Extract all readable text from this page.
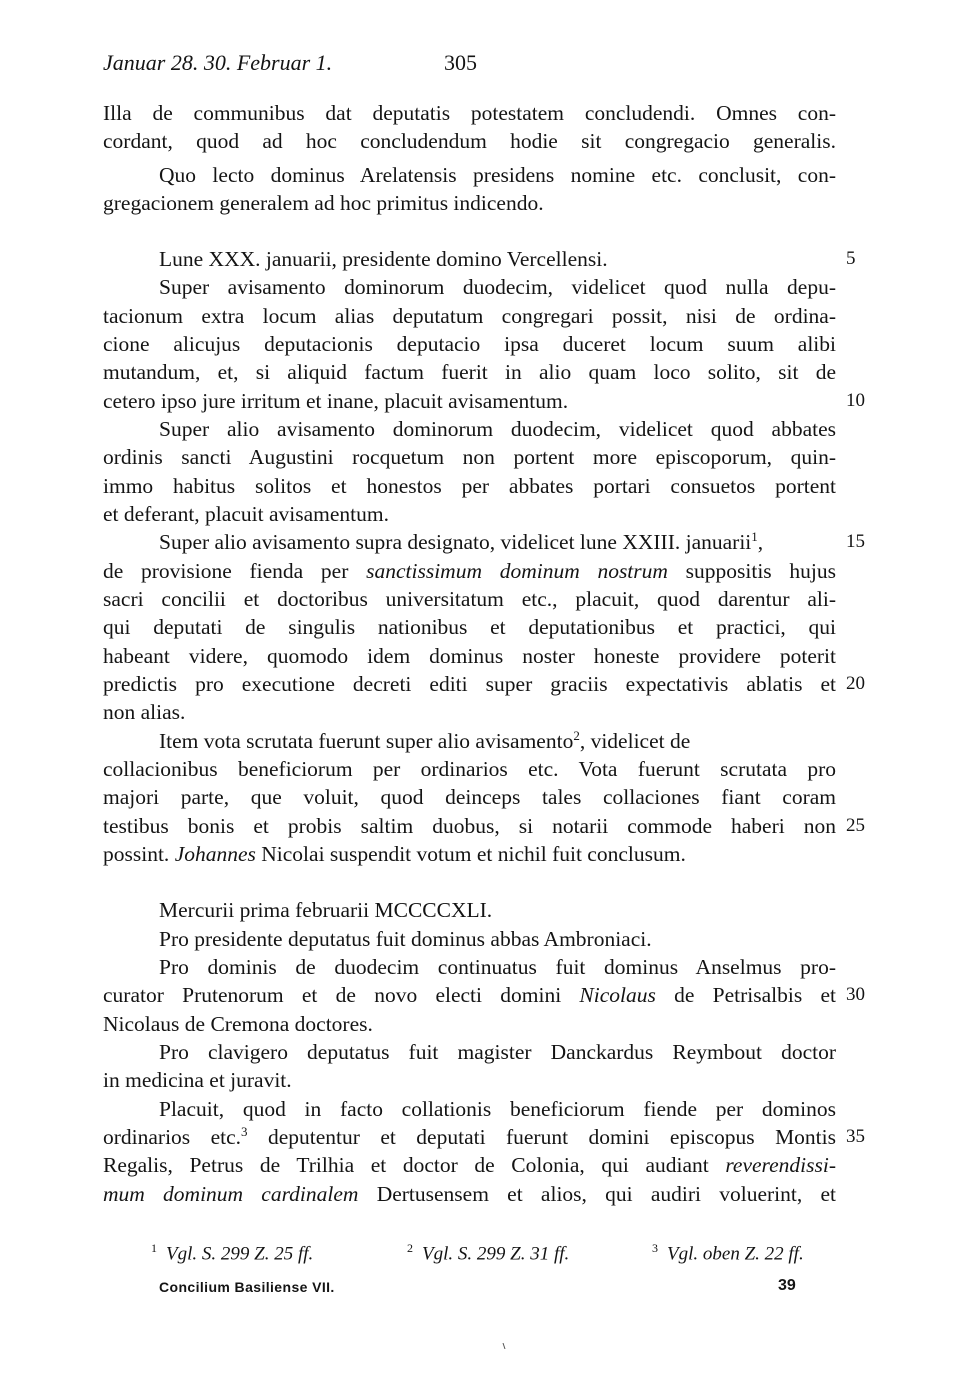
Januar 28. 30. Februar 1.	305
Illa de communibus dat deputatis potestatem concludendi. Omnes con-
cordant, quod ad hoc concludendum hodie sit congregacio generalis.
Quo lecto dominus Arelatensis presidens nomine etc. conclusit, con-
gregacionem generalem ad hoc primitus indicendo.
Lune XXX. januarii, presidente domino Vercellensi.
Super avisamento dominorum duodecim, videlicet quod nulla depu-
tacionum extra locum alias deputatum congregari possit, nisi de ordina-
cione alicujus deputacionis deputacio ipsa duceret locum suum alibi
mutandum, et, si aliquid factum fuerit in alio quam loco solito, sit de
cetero ipso jure irritum et inane, placuit avisamentum.
Super alio avisamento dominorum duodecim, videlicet quod abbates
ordinis sancti Augustini rocquetum non portent more episcoporum, quin-
immo habitus solitos et honestos per abbates portari consuetos portent
et deferant, placuit avisamentum.
Super alio avisamento supra designato, videlicet lune XXIII. januarii$^1$,
de provisione fienda per sanctissimum dominum nostrum suppositis hujus
sacri concilii et doctoribus universitatum etc., placuit, quod darentur ali-
qui deputati de singulis nationibus et deputationibus et practici, qui
habeant videre, quomodo idem dominus noster honeste providere poterit
predictis pro executione decreti editi super graciis expectativis ablatis et
non alias.
Item vota scrutata fuerunt super alio avisamento$^2$, videlicet de
collacionibus beneficiorum per ordinarios etc. Vota fuerunt scrutata pro
majori parte, que voluit, quod deinceps tales collaciones fiant coram
testibus bonis et probis saltim duobus, si notarii commode haberi non
possint. Johannes Nicolai suspendit votum et nichil fuit conclusum.
Mercurii prima februarii MCCCCXLI.
Pro presidente deputatus fuit dominus abbas Ambroniaci.
Pro dominis de duodecim continuatus fuit dominus Anselmus pro-
curator Prutenorum et de novo electi domini Nicolaus de Petrisalbis et
Nicolaus de Cremona doctores.
Pro clavigero deputatus fuit magister Danckardus Reymbout doctor
in medicina et juravit.
Placuit, quod in facto collationis beneficiorum fiende per dominos
ordinarios etc.$^3$ deputentur et deputati fuerunt domini episcopus Montis
Regalis, Petrus de Trilhia et doctor de Colonia, qui audiant reverendissi-
mum dominum cardinalem Dertusensem et alios, qui audiri voluerint, et
5
10
15
20
25
30
35
$^1$ Vgl. S. 299 Z. 25 ff.	$^2$ Vgl. S. 299 Z. 31 ff.	$^3$ Vgl. oben Z. 22 ff.
Concilium Basiliense VII.	39
